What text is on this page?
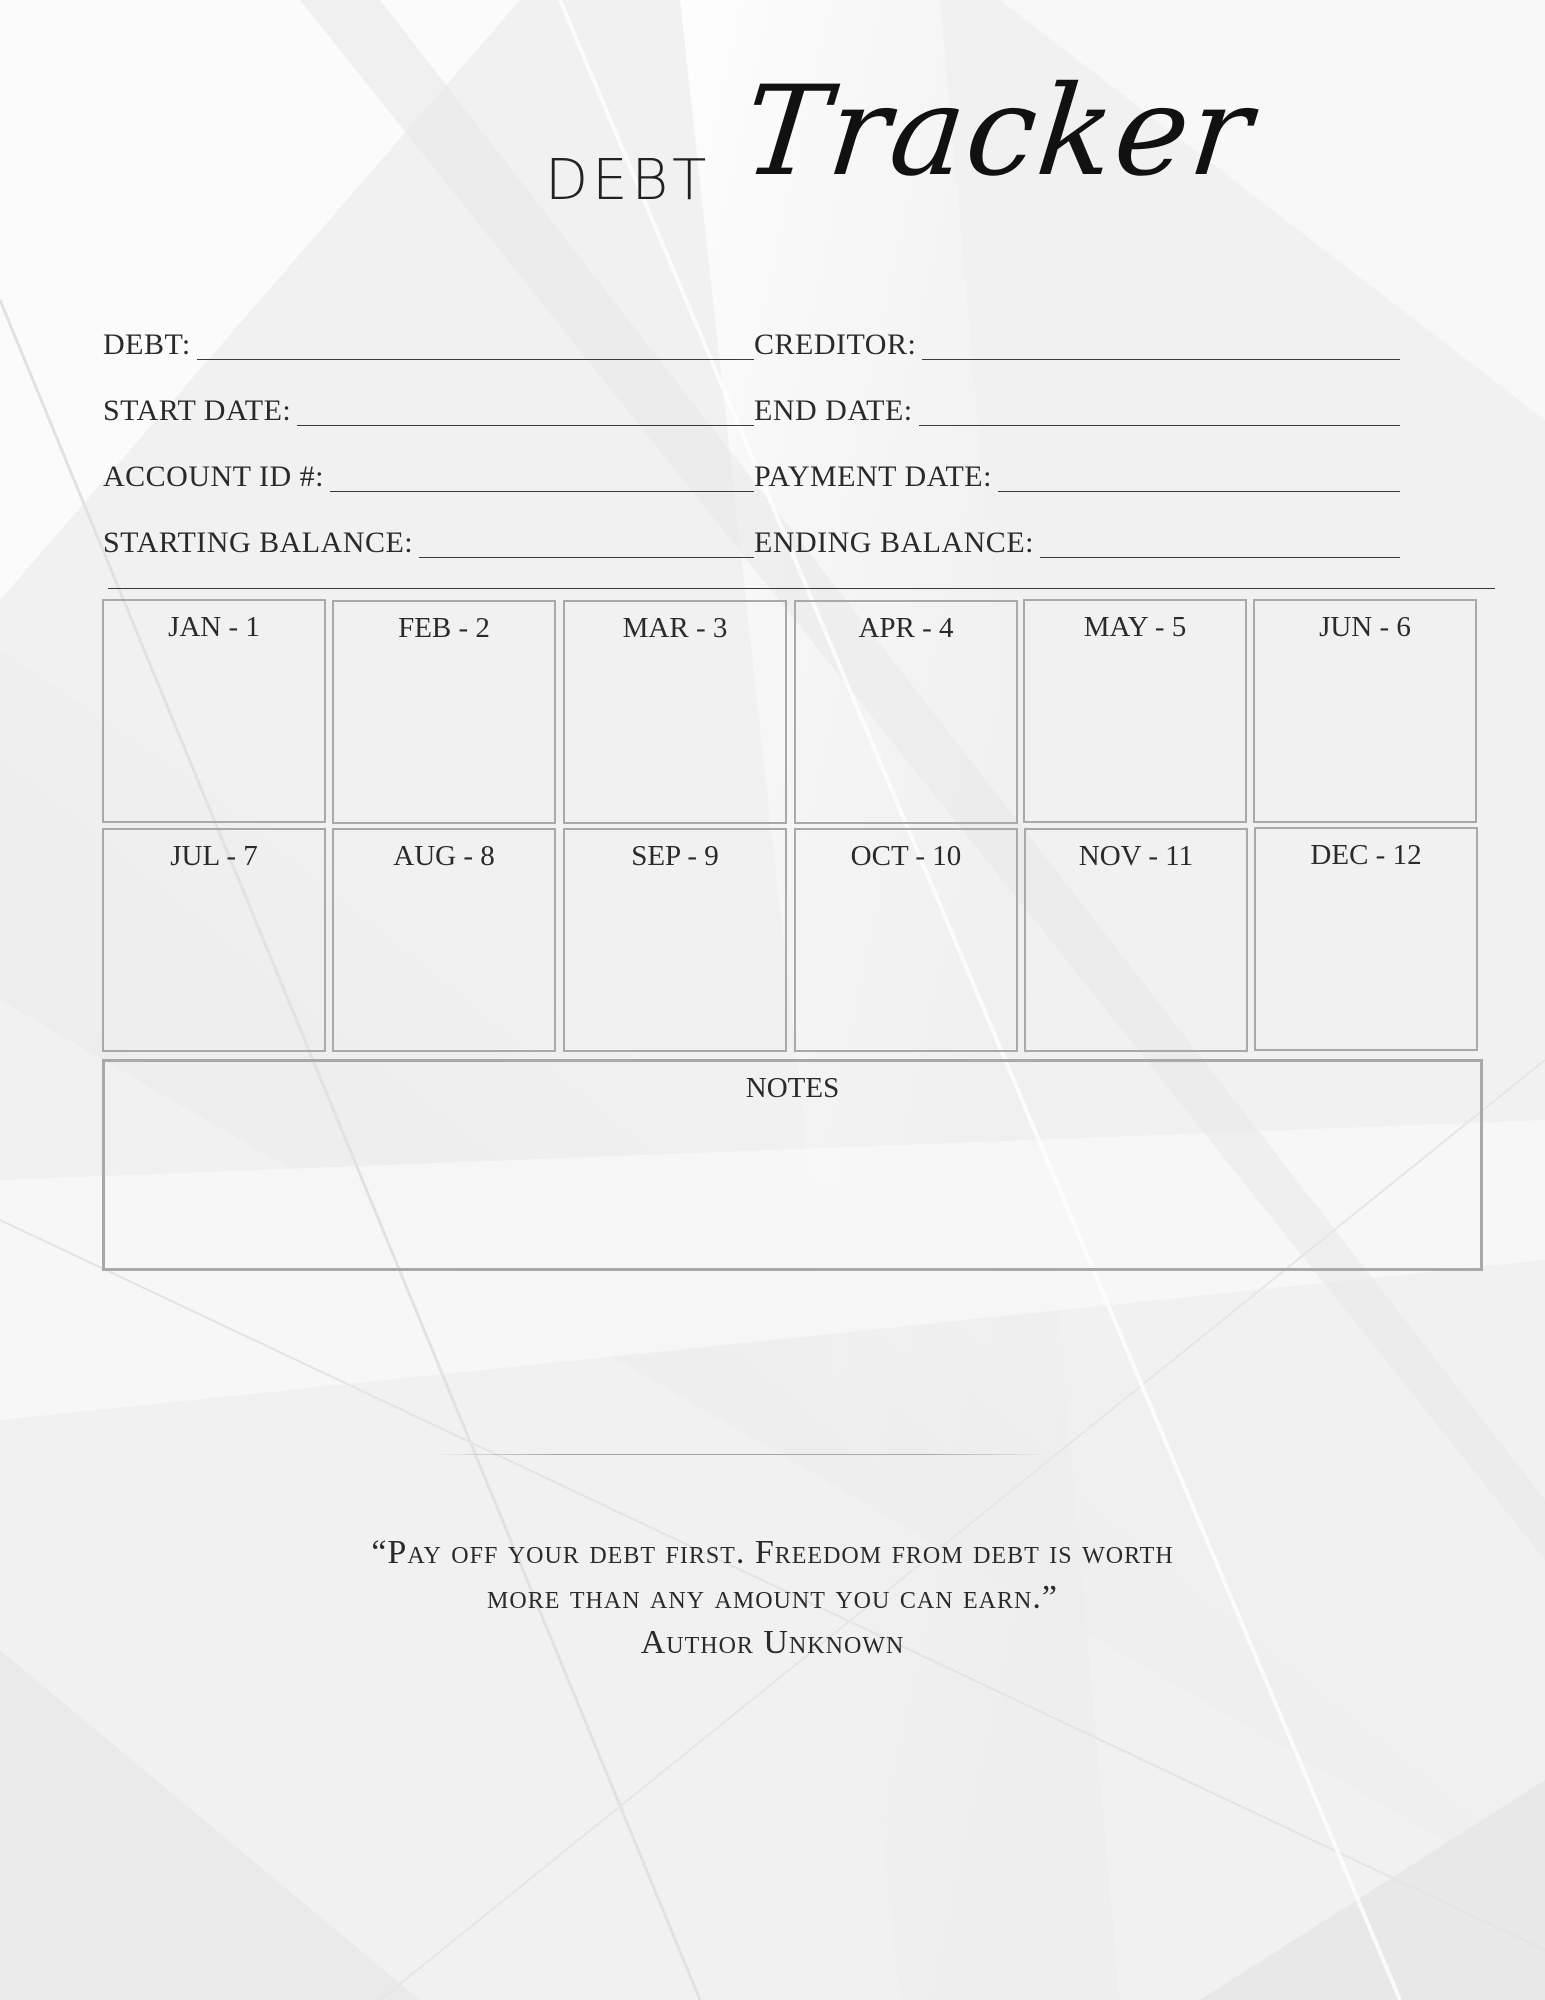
DEBT Tracker
DEBT:	CREDITOR:
START DATE:	END DATE:
ACCOUNT ID #:	PAYMENT DATE:
STARTING BALANCE:	ENDING BALANCE:
JAN - 1	FEB - 2	MAR - 3	APR - 4	MAY - 5	JUN - 6
JUL - 7	AUG - 8	SEP - 9	OCT - 10	NOV - 11	DEC - 12
NOTES
“Pay off your debt first. Freedom from debt is worth
more than any amount you can earn.”
Author Unknown
